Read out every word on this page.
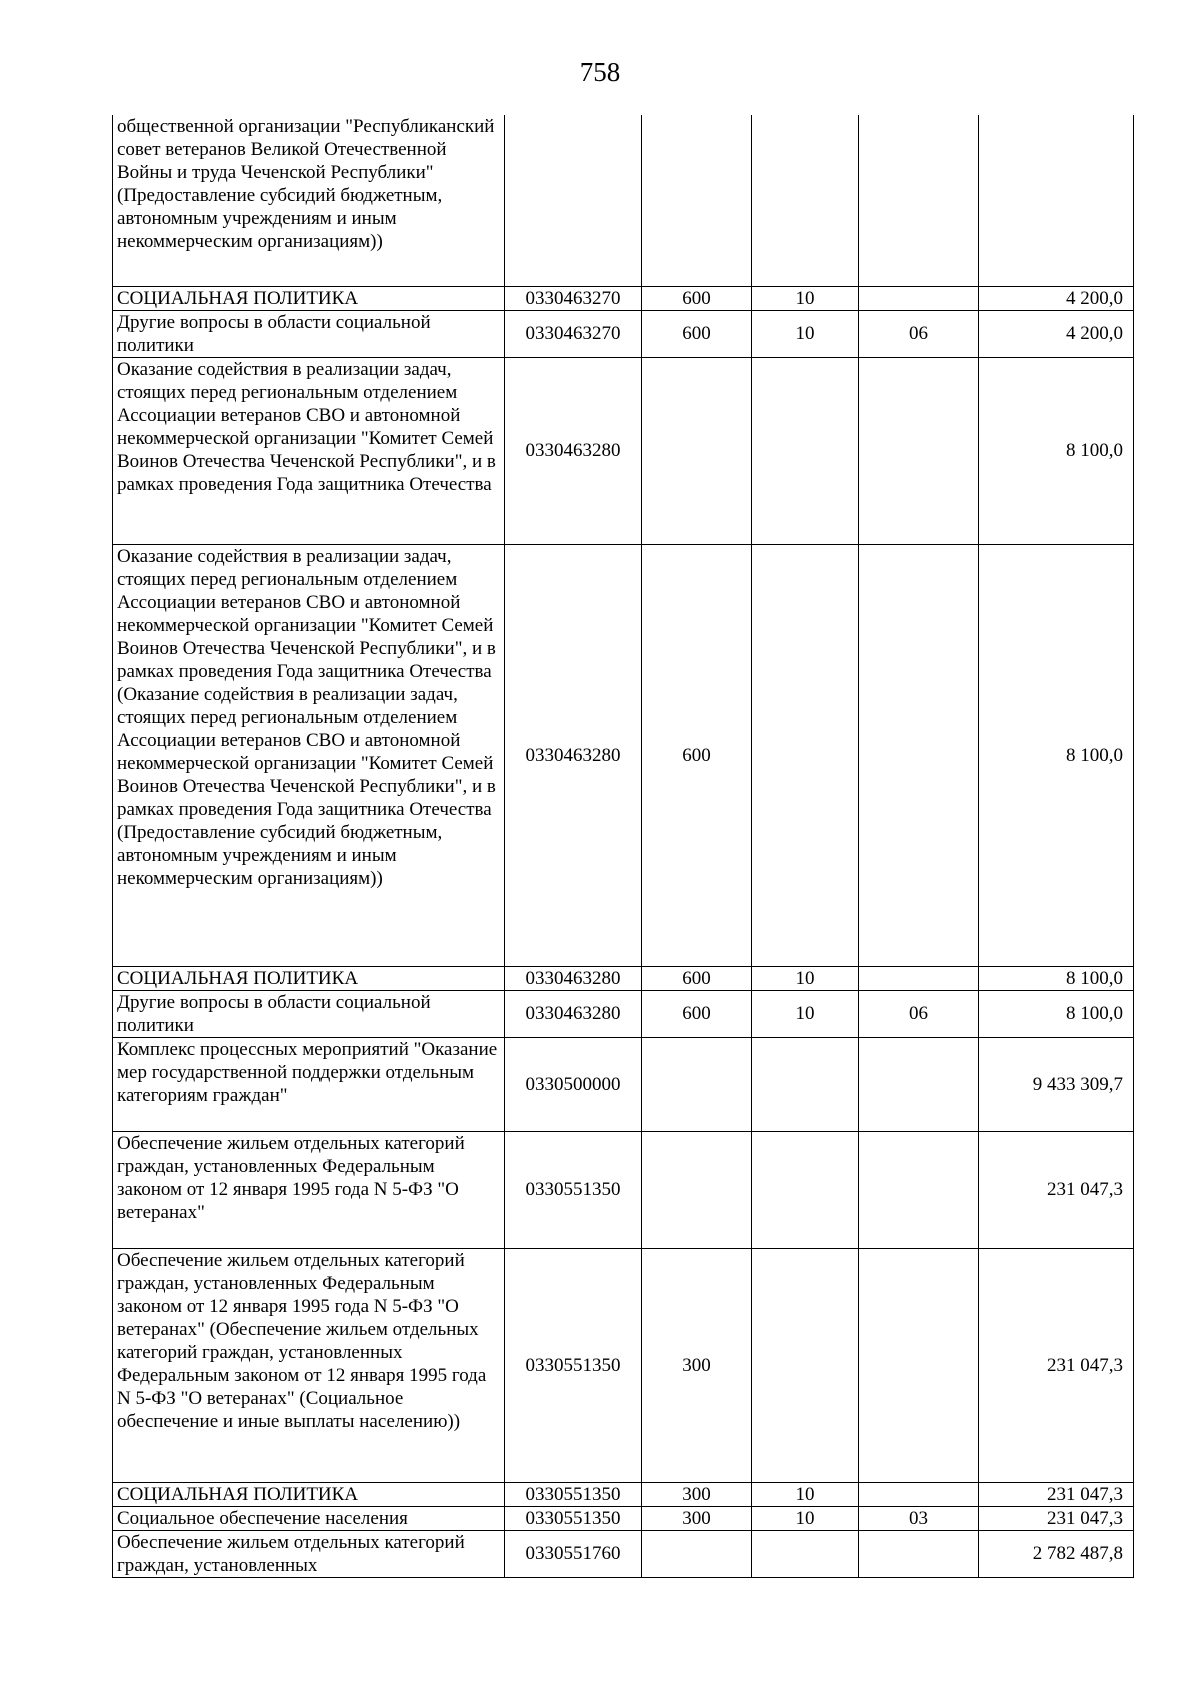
758
общественной организации "Республиканский совет ветеранов Великой Отечественной Войны и труда Чеченской Республики" (Предоставление субсидий бюджетным, автономным учреждениям и иным некоммерческим организациям))					
СОЦИАЛЬНАЯ ПОЛИТИКА	0330463270	600	10		4 200,0
Другие вопросы в области социальной политики	0330463270	600	10	06	4 200,0
Оказание содействия в реализации задач, стоящих перед региональным отделением Ассоциации ветеранов СВО и автономной некоммерческой организации "Комитет Семей Воинов Отечества Чеченской Республики", и в рамках проведения Года защитника Отечества	0330463280				8 100,0
Оказание содействия в реализации задач, стоящих перед региональным отделением Ассоциации ветеранов СВО и автономной некоммерческой организации "Комитет Семей Воинов Отечества Чеченской Республики", и в рамках проведения Года защитника Отечества (Оказание содействия в реализации задач, стоящих перед региональным отделением Ассоциации ветеранов СВО и автономной некоммерческой организации "Комитет Семей Воинов Отечества Чеченской Республики", и в рамках проведения Года защитника Отечества (Предоставление субсидий бюджетным, автономным учреждениям и иным некоммерческим организациям))	0330463280	600			8 100,0
СОЦИАЛЬНАЯ ПОЛИТИКА	0330463280	600	10		8 100,0
Другие вопросы в области социальной политики	0330463280	600	10	06	8 100,0
Комплекс процессных мероприятий "Оказание мер государственной поддержки отдельным категориям граждан"	0330500000				9 433 309,7
Обеспечение жильем отдельных категорий граждан, установленных Федеральным законом от 12 января 1995 года N 5-ФЗ "О ветеранах"	0330551350				231 047,3
Обеспечение жильем отдельных категорий граждан, установленных Федеральным законом от 12 января 1995 года N 5-ФЗ "О ветеранах" (Обеспечение жильем отдельных категорий граждан, установленных Федеральным законом от 12 января 1995 года N 5-ФЗ "О ветеранах" (Социальное обеспечение и иные выплаты населению))	0330551350	300			231 047,3
СОЦИАЛЬНАЯ ПОЛИТИКА	0330551350	300	10		231 047,3
Социальное обеспечение населения	0330551350	300	10	03	231 047,3
Обеспечение жильем отдельных категорий граждан, установленных	0330551760				2 782 487,8
